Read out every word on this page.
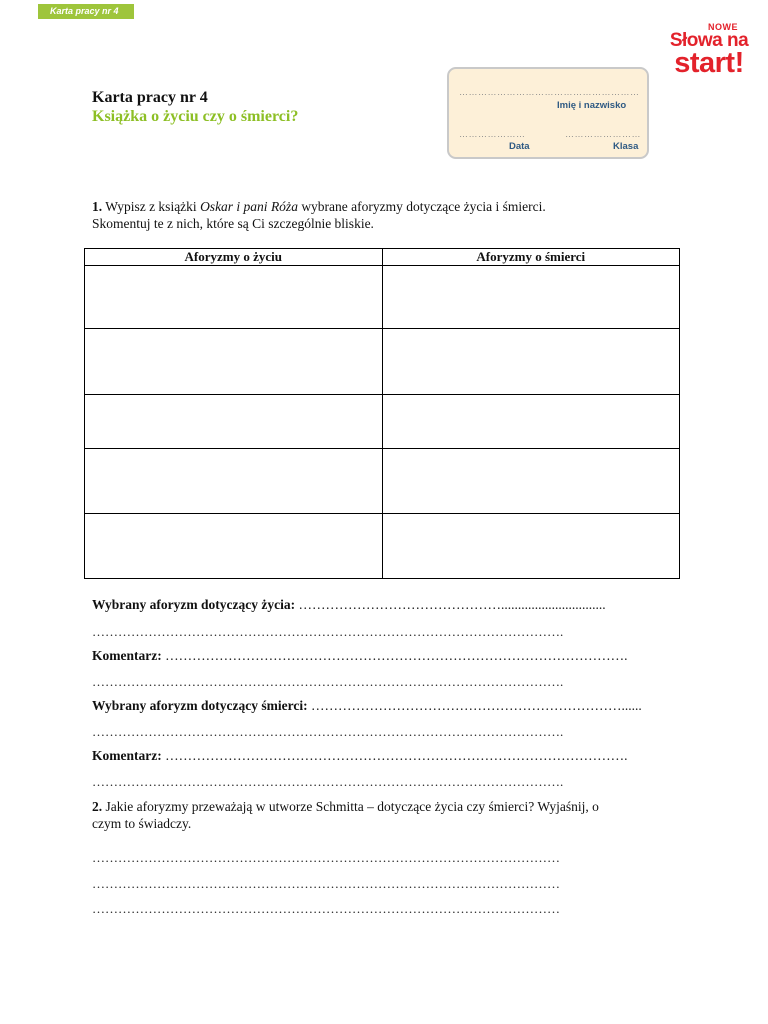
Karta pracy nr 4
NOWE
Słowa na
start!
Karta pracy nr 4
Książka o życiu czy o śmierci?
…………………………………………………
Imię i nazwisko
…………………	……………………
Data	Klasa
1. Wypisz z książki Oskar i pani Róża wybrane aforyzmy dotyczące życia i śmierci.
Skomentuj te z nich, które są Ci szczególnie bliskie.
Aforyzmy o życiu	Aforyzmy o śmierci

Wybrany aforyzm dotyczący życia: ………………………………………...............................
……………………………………………………………………………………………….
Komentarz: ………………………………………………………………………………………….
……………………………………………………………………………………………….
Wybrany aforyzm dotyczący śmierci: ……………………………………………………………......
……………………………………………………………………………………………….
Komentarz: ………………………………………………………………………………………….
……………………………………………………………………………………………….
2. Jakie aforyzmy przeważają w utworze Schmitta – dotyczące życia czy śmierci? Wyjaśnij, o
czym to świadczy.
………………………………………………………………………………………………
………………………………………………………………………………………………
………………………………………………………………………………………………
